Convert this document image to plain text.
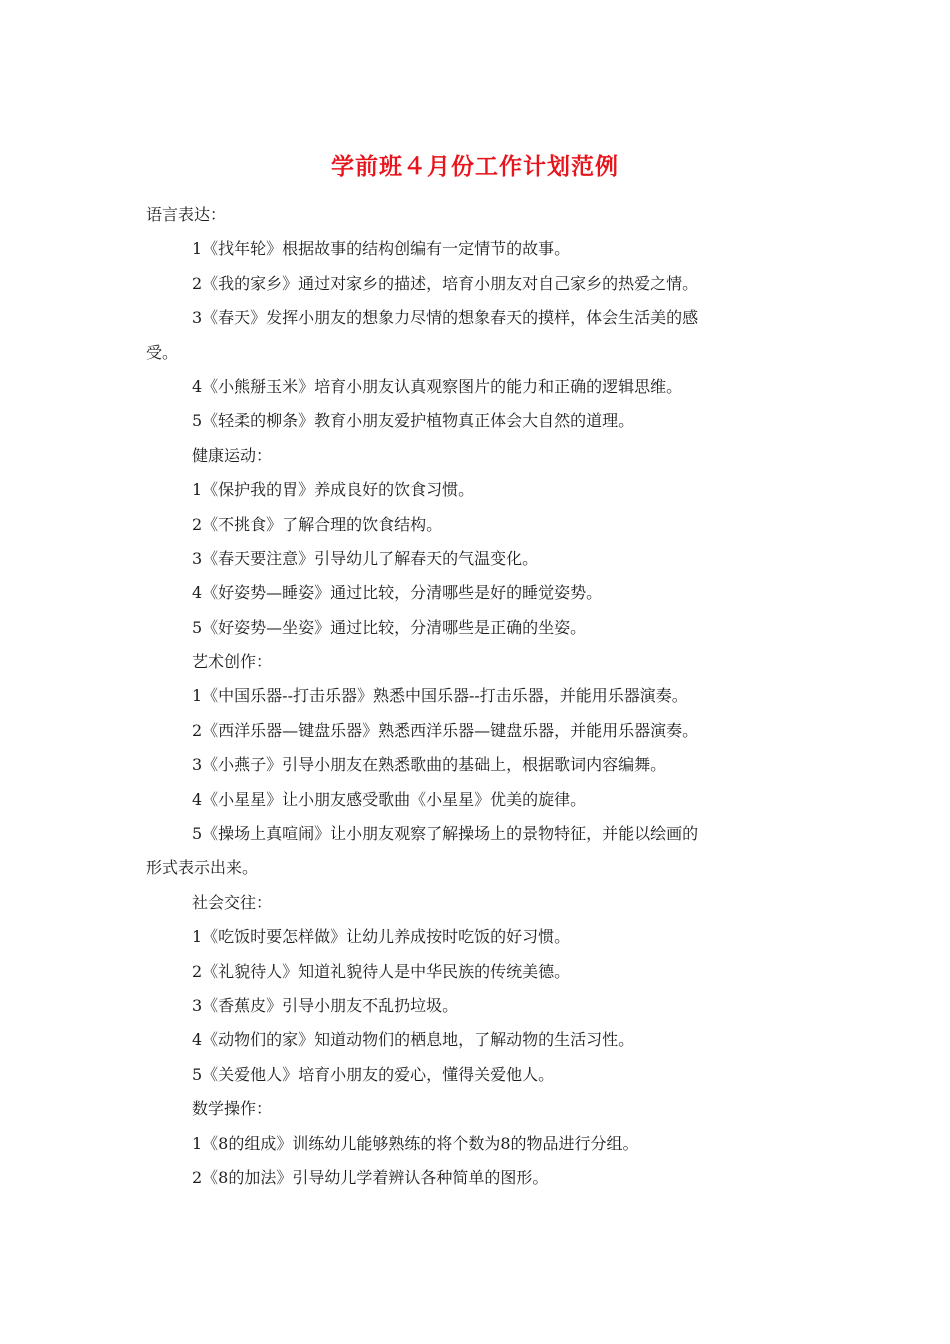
学前班４月份工作计划范例

语言表达：

1《找年轮》根据故事的结构创编有一定情节的故事。

2《我的家乡》通过对家乡的描述，培育小朋友对自己家乡的热爱之情。

3《春天》发挥小朋友的想象力尽情的想象春天的摸样，体会生活美的感

受。

4《小熊掰玉米》培育小朋友认真观察图片的能力和正确的逻辑思维。

5《轻柔的柳条》教育小朋友爱护植物真正体会大自然的道理。

健康运动：

1《保护我的胃》养成良好的饮食习惯。

2《不挑食》了解合理的饮食结构。

3《春天要注意》引导幼儿了解春天的气温变化。

4《好姿势—睡姿》通过比较，分清哪些是好的睡觉姿势。

5《好姿势—坐姿》通过比较，分清哪些是正确的坐姿。

艺术创作：

1《中国乐器--打击乐器》熟悉中国乐器--打击乐器，并能用乐器演奏。

2《西洋乐器—键盘乐器》熟悉西洋乐器—键盘乐器，并能用乐器演奏。

3《小燕子》引导小朋友在熟悉歌曲的基础上，根据歌词内容编舞。

4《小星星》让小朋友感受歌曲《小星星》优美的旋律。

5《操场上真喧闹》让小朋友观察了解操场上的景物特征，并能以绘画的

形式表示出来。

社会交往：

1《吃饭时要怎样做》让幼儿养成按时吃饭的好习惯。

2《礼貌待人》知道礼貌待人是中华民族的传统美德。

3《香蕉皮》引导小朋友不乱扔垃圾。

4《动物们的家》知道动物们的栖息地，了解动物的生活习性。

5《关爱他人》培育小朋友的爱心，懂得关爱他人。

数学操作：

1《8的组成》训练幼儿能够熟练的将个数为8的物品进行分组。

2《8的加法》引导幼儿学着辨认各种简单的图形。
